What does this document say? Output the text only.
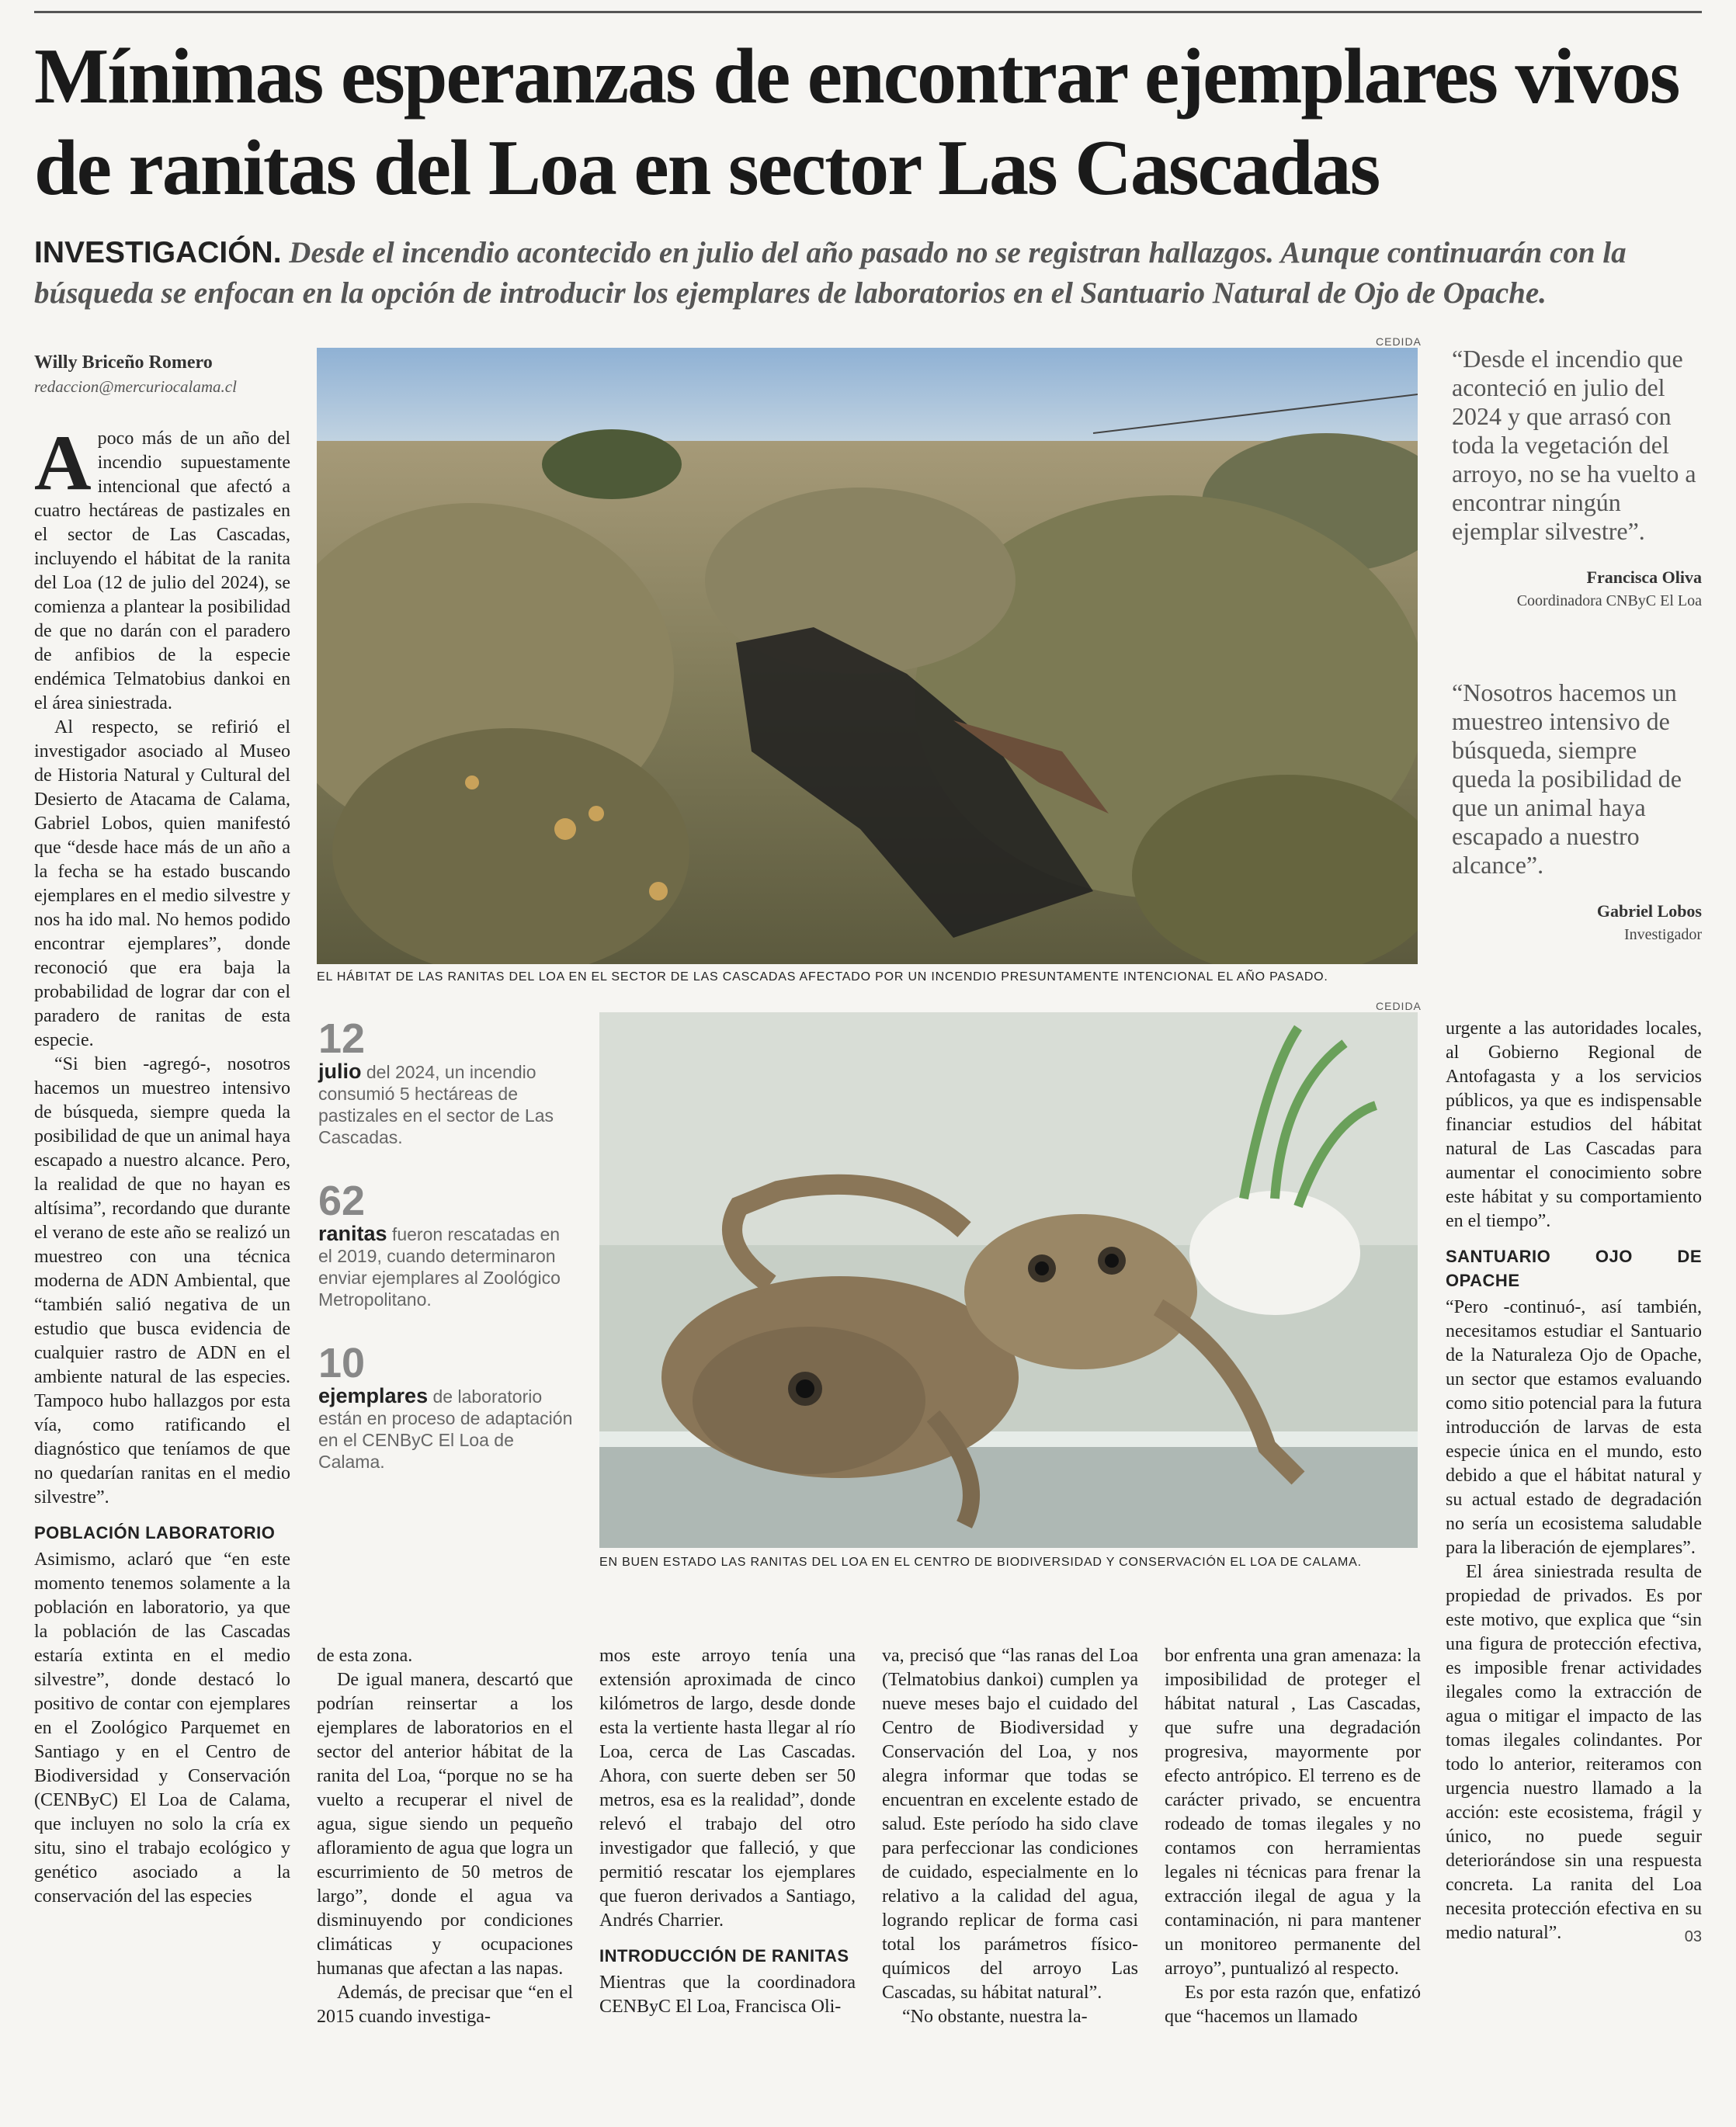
Mínimas esperanzas de encontrar ejemplares vivos de ranitas del Loa en sector Las Cascadas

INVESTIGACIÓN. Desde el incendio acontecido en julio del año pasado no se registran hallazgos. Aunque continuarán con la búsqueda se enfocan en la opción de introducir los ejemplares de laboratorios en el Santuario Natural de Ojo de Opache.

Willy Briceño Romero
redaccion@mercuriocalama.cl

Apoco más de un año del incendio supuestamente intencional que afectó a cuatro hectáreas de pastizales en el sector de Las Cascadas, incluyendo el hábitat de la ranita del Loa (12 de julio del 2024), se comienza a plantear la posibilidad de que no darán con el paradero de anfibios de la especie endémica Telmatobius dankoi en el área siniestrada.

Al respecto, se refirió el investigador asociado al Museo de Historia Natural y Cultural del Desierto de Atacama de Calama, Gabriel Lobos, quien manifestó que “desde hace más de un año a la fecha se ha estado buscando ejemplares en el medio silvestre y nos ha ido mal. No hemos podido encontrar ejemplares”, donde reconoció que era baja la probabilidad de lograr dar con el paradero de ranitas de esta especie.

“Si bien -agregó-, nosotros hacemos un muestreo intensivo de búsqueda, siempre queda la posibilidad de que un animal haya escapado a nuestro alcance. Pero, la realidad de que no hayan es altísima”, recordando que durante el verano de este año se realizó un muestreo con una técnica moderna de ADN Ambiental, que “también salió negativa de un estudio que busca evidencia de cualquier rastro de ADN en el ambiente natural de las especies. Tampoco hubo hallazgos por esta vía, como ratificando el diagnóstico que teníamos de que no quedarían ranitas en el medio silvestre”.

POBLACIÓN LABORATORIO

Asimismo, aclaró que “en este momento tenemos solamente a la población en laboratorio, ya que la población de las Cascadas estaría extinta en el medio silvestre”, donde destacó lo positivo de contar con ejemplares en el Zoológico Parquemet en Santiago y en el Centro de Biodiversidad y Conservación (CENByC) El Loa de Calama, que incluyen no solo la cría ex situ, sino el trabajo ecológico y genético asociado a la conservación del las especies

CEDIDA
EL HÁBITAT DE LAS RANITAS DEL LOA EN EL SECTOR DE LAS CASCADAS AFECTADO POR UN INCENDIO PRESUNTAMENTE INTENCIONAL EL AÑO PASADO.
“Desde el incendio que aconteció en julio del 2024 y que arrasó con toda la vegetación del arroyo, no se ha vuelto a encontrar ningún ejemplar silvestre”.
Francisca Oliva
Coordinadora CNByC El Loa
“Nosotros hacemos un muestreo intensivo de búsqueda, siempre queda la posibilidad de que un animal haya escapado a nuestro alcance”.
Gabriel Lobos
Investigador
12
julio del 2024, un incendio consumió 5 hectáreas de pastizales en el sector de Las Cascadas.
62
ranitas fueron rescatadas en el 2019, cuando determinaron enviar ejemplares al Zoológico Metropolitano.
10
ejemplares de laboratorio están en proceso de adaptación en el CENByC El Loa de Calama.
CEDIDA
EN BUEN ESTADO LAS RANITAS DEL LOA EN EL CENTRO DE BIODIVERSIDAD Y CONSERVACIÓN EL LOA DE CALAMA.

urgente a las autoridades locales, al Gobierno Regional de Antofagasta y a los servicios públicos, ya que es indispensable financiar estudios del hábitat natural de Las Cascadas para aumentar el conocimiento sobre este hábitat y su comportamiento en el tiempo”.

SANTUARIO OJO DE OPACHE

“Pero -continuó-, así también, necesitamos estudiar el Santuario de la Naturaleza Ojo de Opache, un sector que estamos evaluando como sitio potencial para la futura introducción de larvas de esta especie única en el mundo, esto debido a que el hábitat natural y su actual estado de degradación no sería un ecosistema saludable para la liberación de ejemplares”.

El área siniestrada resulta de propiedad de privados. Es por este motivo, que explica que “sin una figura de protección efectiva, es imposible frenar actividades ilegales como la extracción de agua o mitigar el impacto de las tomas ilegales colindantes. Por todo lo anterior, reiteramos con urgencia nuestro llamado a la acción: este ecosistema, frágil y único, no puede seguir deteriorándose sin una respuesta concreta. La ranita del Loa necesita protección efectiva en su medio natural”.	03

de esta zona.

De igual manera, descartó que podrían reinsertar a los ejemplares de laboratorios en el sector del anterior hábitat de la ranita del Loa, “porque no se ha vuelto a recuperar el nivel de agua, sigue siendo un pequeño afloramiento de agua que logra un escurrimiento de 50 metros de largo”, donde el agua va disminuyendo por condiciones climáticas y ocupaciones humanas que afectan a las napas.

Además, de precisar que “en el 2015 cuando investiga-

mos este arroyo tenía una extensión aproximada de cinco kilómetros de largo, desde donde esta la vertiente hasta llegar al río Loa, cerca de Las Cascadas. Ahora, con suerte deben ser 50 metros, esa es la realidad”, donde relevó el trabajo del otro investigador que falleció, y que permitió rescatar los ejemplares que fueron derivados a Santiago, Andrés Charrier.

INTRODUCCIÓN DE RANITAS

Mientras que la coordinadora CENByC El Loa, Francisca Oli-

va, precisó que “las ranas del Loa (Telmatobius dankoi) cumplen ya nueve meses bajo el cuidado del Centro de Biodiversidad y Conservación del Loa, y nos alegra informar que todas se encuentran en excelente estado de salud. Este período ha sido clave para perfeccionar las condiciones de cuidado, especialmente en lo relativo a la calidad del agua, logrando replicar de forma casi total los parámetros físico-químicos del arroyo Las Cascadas, su hábitat natural”.

“No obstante, nuestra la-

bor enfrenta una gran amenaza: la imposibilidad de proteger el hábitat natural , Las Cascadas, que sufre una degradación progresiva, mayormente por efecto antrópico. El terreno es de carácter privado, se encuentra rodeado de tomas ilegales y no contamos con herramientas legales ni técnicas para frenar la extracción ilegal de agua y la contaminación, ni para mantener un monitoreo permanente del arroyo”, puntualizó al respecto.

Es por esta razón que, enfatizó que “hacemos un llamado
